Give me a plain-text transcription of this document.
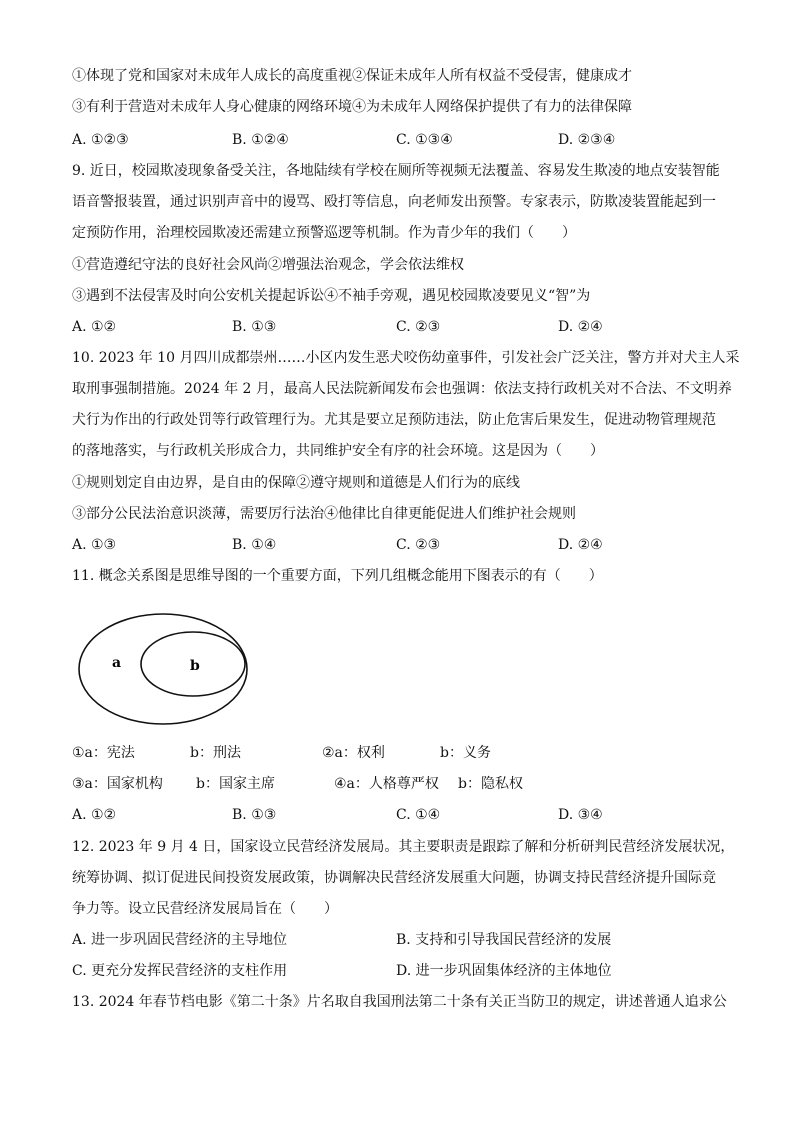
①体现了党和国家对未成年人成长的高度重视②保证未成年人所有权益不受侵害，健康成才
③有利于营造对未成年人身心健康的网络环境④为未成年人网络保护提供了有力的法律保障
A. ①②③	B. ①②④	C. ①③④	D. ②③④
9. 近日，校园欺凌现象备受关注，各地陆续有学校在厕所等视频无法覆盖、容易发生欺凌的地点安装智能
语音警报装置，通过识别声音中的谩骂、殴打等信息，向老师发出预警。专家表示，防欺凌装置能起到一
定预防作用，治理校园欺凌还需建立预警巡逻等机制。作为青少年的我们（　　）
①营造遵纪守法的良好社会风尚②增强法治观念，学会依法维权
③遇到不法侵害及时向公安机关提起诉讼④不袖手旁观，遇见校园欺凌要见义“智”为
A. ①②	B. ①③	C. ②③	D. ②④
10. 2023 年 10 月四川成都崇州……小区内发生恶犬咬伤幼童事件，引发社会广泛关注，警方并对犬主人采
取刑事强制措施。2024 年 2 月，最高人民法院新闻发布会也强调：依法支持行政机关对不合法、不文明养
犬行为作出的行政处罚等行政管理行为。尤其是要立足预防违法，防止危害后果发生，促进动物管理规范
的落地落实，与行政机关形成合力，共同维护安全有序的社会环境。这是因为（　　）
①规则划定自由边界，是自由的保障②遵守规则和道德是人们行为的底线
③部分公民法治意识淡薄，需要厉行法治④他律比自律更能促进人们维护社会规则
A. ①③	B. ①④	C. ②③	D. ②④
11. 概念关系图是思维导图的一个重要方面，下列几组概念能用下图表示的有（　　）
a	b
①a：宪法	b：刑法	②a：权利	b：义务
③a：国家机构 b：国家主席	④a：人格尊严权 b：隐私权
A. ①②	B. ①③	C. ①④	D. ③④
12. 2023 年 9 月 4 日，国家设立民营经济发展局。其主要职责是跟踪了解和分析研判民营经济发展状况，
统筹协调、拟订促进民间投资发展政策，协调解决民营经济发展重大问题，协调支持民营经济提升国际竞
争力等。设立民营经济发展局旨在（　　）
A. 进一步巩固民营经济的主导地位	B. 支持和引导我国民营经济的发展
C. 更充分发挥民营经济的支柱作用	D. 进一步巩固集体经济的主体地位
13. 2024 年春节档电影《第二十条》片名取自我国刑法第二十条有关正当防卫的规定，讲述普通人追求公
